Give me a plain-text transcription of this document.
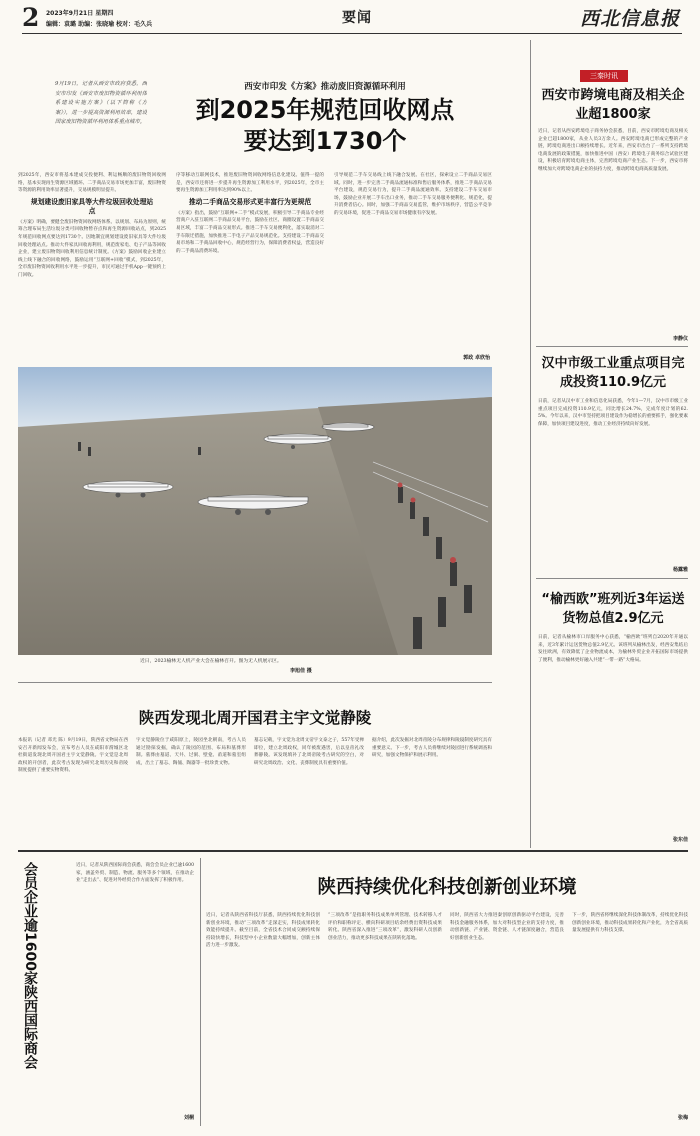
2 2023年9月21日 星期四
编辑：袁璐 助编：张晓瑜 校对：毛久兵	要闻	西北信息报
9月19日，记者从西安市政府获悉，西安市印发《西安市废旧物资循环利用体系建设实施方案》（以下简称《方案》），进一步提高资源利用效率，建设国家废旧物资循环利用体系重点城市。
西安市印发《方案》推动废旧资源循环利用
到2025年规范回收网点
要达到1730个
到2025年，西安市将基本建成交投便利、利运畅顺的废旧物资回收网络，基本实现再生资源区域循环、二手商品交易市场更加丰富，废旧物资等资源的利用效率显著提升，交易规模明显提升。
规划建设废旧家具等大件垃圾回收处理站点
《方案》明确，要健全废旧物资回收网络体系。以规划、布局为原则，统筹合理布局生活垃圾分类可回收物暂存点和再生资源回收站点，到2025年规范回收网点要达到1730个。因地制宜规划建设废旧家具等大件垃圾回收处理站点。推动大件家具回收再利用，规范废家电、电子产品等回收企业，建立废旧物资回收利用信息统计制度。《方案》鼓励回收企业建立线上线下融合的回收网络，鼓励运用“互联网+回收”模式，到2025年，全市废旧物资回收利用水平进一步提升，市民可通过手机App一键预约上门回收。
序等移动互联网技术，推进废旧物资回收网络信息化建设。值得一提的是，西安市还将进一步提升再生资源加工利用水平，到2025年，全市主要再生资源加工利用率达到90%以上。
推动二手商品交易形式更丰富行为更规范
《方案》指出，鼓励“互联网+二手”模式发展，积极引导二手商品专业经营商户入驻互联网二手商品交易平台，鼓励在社区、商圈设置二手商品交易区域，丰富二手商品交易形式。推进二手车交易便利化，落实取消对二手车限迁措施，加快推进二手电子产品交易规范化。支持建设二手商品交易市场和二手商品回收中心，规范经营行为，保障消费者权益，营造良好的二手商品消费环境。
引导规范二手车交易线上线下融合发展。在社区，探索设立二手商品交易区域。同时，进一步完善二手商品流通标准和售后服务体系，推进二手商品交易平台建设，规范交易行为，提升二手商品流通效率。支持建设二手车交易市场，鼓励企业开展二手车出口业务，推动二手车交易服务便利化、规范化，提升消费者信心。同时，加强二手商品交易监管，维护市场秩序，营造公平竞争的交易环境，促进二手商品交易市场健康有序发展。
郭政 卓欣怡
近日，2023榆林无人机产业大会在榆林召开。图为无人机展示区。
李旭佳 摄
陕西发现北周开国君主宇文觉静陵
本报讯（记者 邓光 陈）9月19日，陕西省文物局在西安召开新闻发布会，宣布考古人员在咸阳市渭城区北杜街道发现北周开国君主宇文觉静陵。宇文觉是北周政权的开创者，此次考古发现为研究北周历史和帝陵制度提供了重要实物资料。
宇文觉静陵位于咸阳原上，陵园坐北朝南，考古人员通过勘探发掘，确认了陵园的范围、布局和墓葬形制。墓葬由墓道、天井、过洞、壁龛、甬道和墓室组成，出土了墓志、陶俑、陶器等一批珍贵文物。
墓志记载，宇文觉为北周文帝宇文泰之子，557年受禅即位，建立北周政权，同年被废遇害，后以皇帝礼改葬静陵。该发现填补了北周帝陵考古研究的空白，对研究北周政治、文化、丧葬制度具有重要价值。
据介绍，此次发掘对北周帝陵分布规律和陵寝制度研究具有重要意义。下一步，考古人员将继续对陵园进行系统调查和研究，加强文物保护和展示利用。
三秦时讯
西安市跨境电商及相关企业超1800家
近日，记者从西安跨境电子商务协会获悉，目前，西安市跨境电商及相关企业已超1800家，从业人员3万余人。西安跨境电商已形成完整的产业链，跨境电商进出口额持续增长。近年来，西安市出台了一系列支持跨境电商发展的政策措施，加快推进中国（西安）跨境电子商务综合试验区建设，积极培育跨境电商主体，完善跨境电商产业生态。下一步，西安市将继续加大对跨境电商企业的扶持力度，推动跨境电商高质量发展。
李静仪
汉中市级工业重点项目完成投资110.9亿元
日前，记者从汉中市工业和信息化局获悉，今年1—7月，汉中市市级工业重点项目完成投资110.9亿元，同比增长24.7%，完成年度计划的62.5%。今年以来，汉中市坚持把项目建设作为稳增长的重要抓手，强化要素保障，加快项目建设进度，推动工业经济持续向好发展。
杨露雅
“榆西欧”班列近3年运送货物总值2.9亿元
日前，记者从榆林市口岸服务中心获悉，“榆西欧”班列自2020年开通以来，近3年累计运送货物总值2.9亿元。该班列从榆林出发，经西安集结后发往欧洲，有效降低了企业物流成本，为榆林外贸企业开拓国际市场提供了便利，推动榆林更好融入共建“一带一路”大格局。
张东佳
会员企业逾1600家陕西国际商会	近日，记者从陕西国际商会获悉，商会会员企业已逾1600家，涵盖外贸、制造、物流、服务等多个领域，在推动企业“走出去”、促进对外经贸合作方面发挥了积极作用。
刘桐
陕西持续优化科技创新创业环境
近日，记者从陕西省科技厅获悉，陕西持续优化科技创新创业环境，推动“三项改革”走深走实，科技成果转化效能持续提升。截至目前，全省技术合同成交额持续保持较快增长，科技型中小企业数量大幅增加，创新主体活力进一步激发。
“三项改革”是指职务科技成果单列管理、技术转移人才评价和职称评定、横向科研项目结余经费出资科技成果转化。陕西省深入推进“三项改革”，激发科研人员创新创业活力，推动更多科技成果在陕转化落地。
同时，陕西省大力推进秦创原创新驱动平台建设，完善科技金融服务体系，加大对科技型企业的支持力度，推动创新链、产业链、资金链、人才链深度融合，营造良好创新创业生态。
下一步，陕西省将继续深化科技体制改革，持续优化科技创新创业环境，推动科技成果转化和产业化，为全省高质量发展提供有力科技支撑。
张梅
